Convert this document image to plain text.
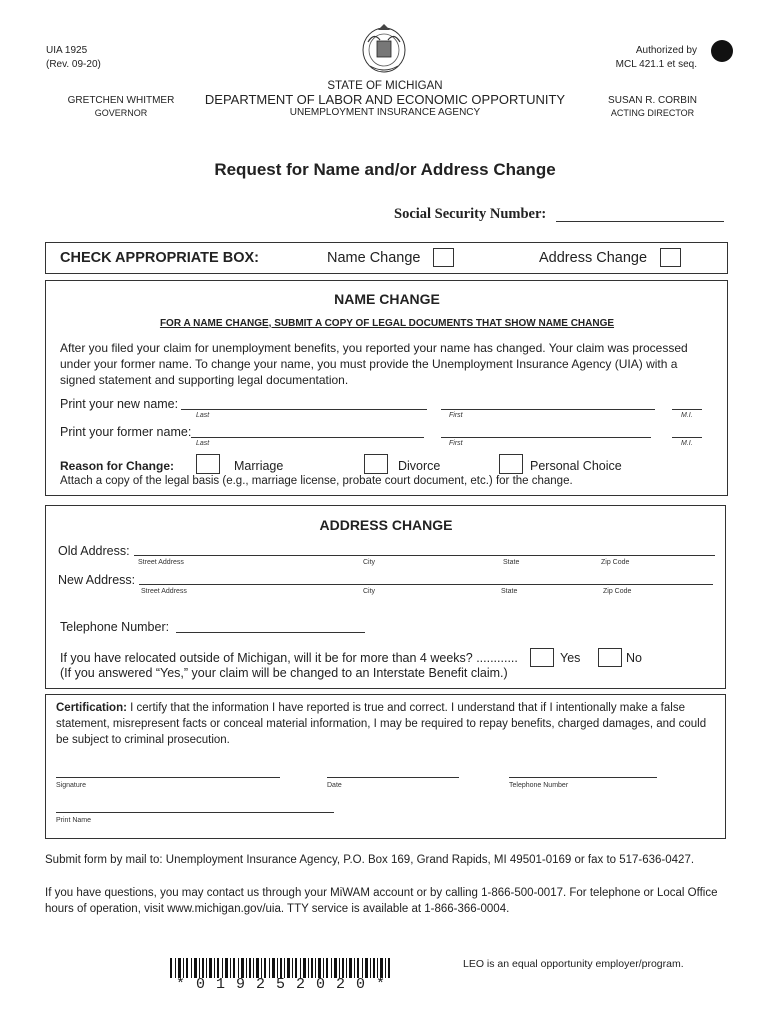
UIA 1925
(Rev. 09-20)
Authorized by
MCL 421.1 et seq.
STATE OF MICHIGAN
DEPARTMENT OF LABOR AND ECONOMIC OPPORTUNITY
UNEMPLOYMENT INSURANCE AGENCY
GRETCHEN WHITMER
GOVERNOR
SUSAN R. CORBIN
ACTING DIRECTOR
Request for Name and/or Address Change
Social Security Number:
CHECK APPROPRIATE BOX:	Name Change	Address Change
NAME CHANGE
FOR A NAME CHANGE, SUBMIT A COPY OF LEGAL DOCUMENTS THAT SHOW NAME CHANGE
After you filed your claim for unemployment benefits, you reported your name has changed. Your claim was processed under your former name. To change your name, you must provide the Unemployment Insurance Agency (UIA) with a signed statement and supporting legal documentation.
Print your new name:
Last	First	M.I.
Print your former name:
Last	First	M.I.
Reason for Change:	Marriage	Divorce	Personal Choice
Attach a copy of the legal basis (e.g., marriage license, probate court document, etc.) for the change.
ADDRESS CHANGE
Old Address:
Street Address	City	State	Zip Code
New Address:
Street Address	City	State	Zip Code
Telephone Number:
If you have relocated outside of Michigan, will it be for more than 4 weeks? ............	Yes	No
(If you answered “Yes,” your claim will be changed to an Interstate Benefit claim.)
Certification: I certify that the information I have reported is true and correct. I understand that if I intentionally make a false statement, misrepresent facts or conceal material information, I may be required to repay benefits, charged damages, and could be subject to criminal prosecution.
Signature	Date	Telephone Number
Print Name
Submit form by mail to: Unemployment Insurance Agency, P.O. Box 169, Grand Rapids, MI 49501-0169 or fax to 517-636-0427.
If you have questions, you may contact us through your MiWAM account or by calling 1-866-500-0017. For telephone or Local Office hours of operation, visit www.michigan.gov/uia. TTY service is available at 1-866-366-0004.
* 0 1 9 2 5 2 0 2 0 *
LEO is an equal opportunity employer/program.
